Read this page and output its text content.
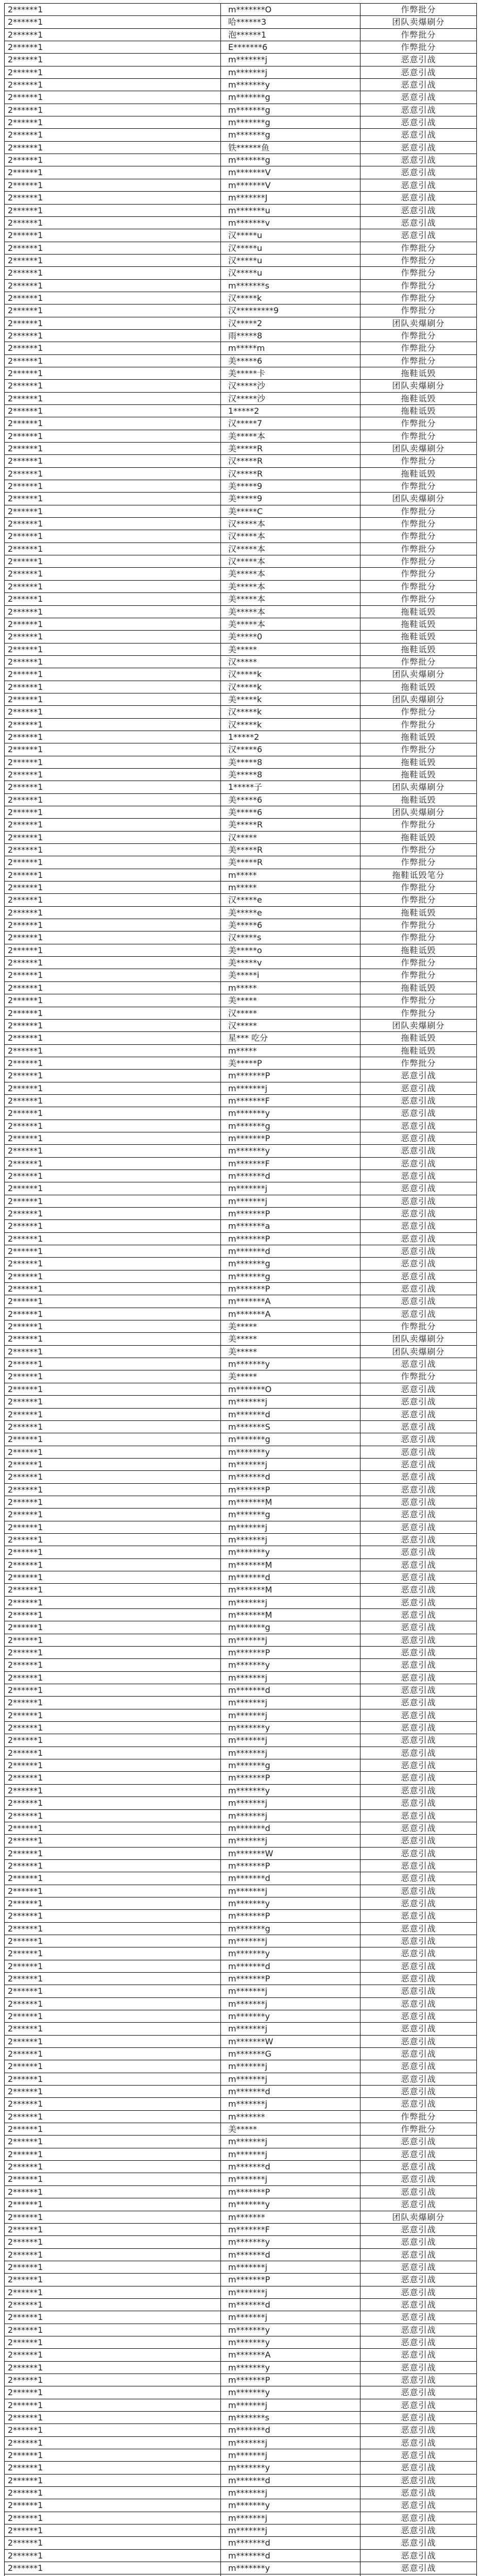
2******1	m*******O	作弊批分
2******1	哈******3	团队卖爆刷分
2******1	泡******1	作弊批分
2******1	E*******6	作弊批分
2******1	m*******j	恶意引战
2******1	m*******j	恶意引战
2******1	m*******y	恶意引战
2******1	m*******g	恶意引战
2******1	m*******g	恶意引战
2******1	m*******g	恶意引战
2******1	m*******g	恶意引战
2******1	铁******鱼	恶意引战
2******1	m*******g	恶意引战
2******1	m*******V	恶意引战
2******1	m*******V	恶意引战
2******1	m*******J	恶意引战
2******1	m*******u	恶意引战
2******1	m*******v	恶意引战
2******1	汉*****u	恶意引战
2******1	汉*****u	作弊批分
2******1	汉*****u	作弊批分
2******1	汉*****u	作弊批分
2******1	m*******s	作弊批分
2******1	汉*****k	作弊批分
2******1	汉*********9	作弊批分
2******1	汉*****2	团队卖爆刷分
2******1	雨*****8	作弊批分
2******1	m*****m	作弊批分
2******1	美*****6	作弊批分
2******1	美*****卡	拖鞋诋毁
2******1	汉*****沙	团队卖爆刷分
2******1	汉*****沙	拖鞋诋毁
2******1	1*****2	拖鞋诋毁
2******1	汉*****7	作弊批分
2******1	美*****本	作弊批分
2******1	美*****R	团队卖爆刷分
2******1	汉*****R	作弊批分
2******1	汉*****R	拖鞋诋毁
2******1	美*****9	作弊批分
2******1	美*****9	团队卖爆刷分
2******1	美*****C	作弊批分
2******1	汉*****本	作弊批分
2******1	汉*****本	作弊批分
2******1	汉*****本	作弊批分
2******1	汉*****本	作弊批分
2******1	美*****本	作弊批分
2******1	美*****本	作弊批分
2******1	美*****本	作弊批分
2******1	美*****本	拖鞋诋毁
2******1	美*****本	拖鞋诋毁
2******1	美*****0	拖鞋诋毁
2******1	美*****	拖鞋诋毁
2******1	汉*****	作弊批分
2******1	汉*****k	团队卖爆刷分
2******1	汉*****k	拖鞋诋毁
2******1	美*****k	团队卖爆刷分
2******1	汉*****k	作弊批分
2******1	汉*****k	作弊批分
2******1	1*****2	拖鞋诋毁
2******1	汉*****6	作弊批分
2******1	美*****8	拖鞋诋毁
2******1	美*****8	拖鞋诋毁
2******1	1*****子	团队卖爆刷分
2******1	美*****6	拖鞋诋毁
2******1	美*****6	团队卖爆刷分
2******1	美*****R	作弊批分
2******1	汉*****	拖鞋诋毁
2******1	美*****R	作弊批分
2******1	美*****R	作弊批分
2******1	m*****	拖鞋诋毁笔分
2******1	m*****	作弊批分
2******1	汉*****e	作弊批分
2******1	美*****e	拖鞋诋毁
2******1	美*****6	作弊批分
2******1	汉*****s	作弊批分
2******1	美*****o	拖鞋诋毁
2******1	美*****v	作弊批分
2******1	美*****i	作弊批分
2******1	m*****	拖鞋诋毁
2******1	美*****	作弊批分
2******1	汉*****	作弊批分
2******1	汉*****	团队卖爆刷分
2******1	星*** 吃分	拖鞋诋毁
2******1	m*****	拖鞋诋毁
2******1	美*****P	作弊批分
2******1	m*******P	恶意引战
2******1	m*******j	恶意引战
2******1	m*******F	恶意引战
2******1	m*******y	恶意引战
2******1	m*******g	恶意引战
2******1	m*******P	恶意引战
2******1	m*******y	恶意引战
2******1	m*******F	恶意引战
2******1	m*******d	恶意引战
2******1	m*******j	恶意引战
2******1	m*******j	恶意引战
2******1	m*******P	恶意引战
2******1	m*******a	恶意引战
2******1	m*******P	恶意引战
2******1	m*******d	恶意引战
2******1	m*******g	恶意引战
2******1	m*******g	恶意引战
2******1	m*******P	恶意引战
2******1	m*******A	恶意引战
2******1	m*******A	恶意引战
2******1	美*****	作弊批分
2******1	美*****	团队卖爆刷分
2******1	美*****	团队卖爆刷分
2******1	m*******y	恶意引战
2******1	美*****	作弊批分
2******1	m*******O	恶意引战
2******1	m*******j	恶意引战
2******1	m*******d	恶意引战
2******1	m*******S	恶意引战
2******1	m*******g	恶意引战
2******1	m*******y	恶意引战
2******1	m*******j	恶意引战
2******1	m*******d	恶意引战
2******1	m*******P	恶意引战
2******1	m*******M	恶意引战
2******1	m*******g	恶意引战
2******1	m*******j	恶意引战
2******1	m*******j	恶意引战
2******1	m*******y	恶意引战
2******1	m*******M	恶意引战
2******1	m*******d	恶意引战
2******1	m*******M	恶意引战
2******1	m*******j	恶意引战
2******1	m*******M	恶意引战
2******1	m*******g	恶意引战
2******1	m*******j	恶意引战
2******1	m*******P	恶意引战
2******1	m*******y	恶意引战
2******1	m*******j	恶意引战
2******1	m*******d	恶意引战
2******1	m*******j	恶意引战
2******1	m*******j	恶意引战
2******1	m*******y	恶意引战
2******1	m*******j	恶意引战
2******1	m*******j	恶意引战
2******1	m*******g	恶意引战
2******1	m*******P	恶意引战
2******1	m*******y	恶意引战
2******1	m*******j	恶意引战
2******1	m*******j	恶意引战
2******1	m*******d	恶意引战
2******1	m*******j	恶意引战
2******1	m*******W	恶意引战
2******1	m*******P	恶意引战
2******1	m*******d	恶意引战
2******1	m*******j	恶意引战
2******1	m*******y	恶意引战
2******1	m*******P	恶意引战
2******1	m*******g	恶意引战
2******1	m*******j	恶意引战
2******1	m*******y	恶意引战
2******1	m*******d	恶意引战
2******1	m*******P	恶意引战
2******1	m*******j	恶意引战
2******1	m*******j	恶意引战
2******1	m*******y	恶意引战
2******1	m*******j	恶意引战
2******1	m*******W	恶意引战
2******1	m*******G	恶意引战
2******1	m*******j	恶意引战
2******1	m*******j	恶意引战
2******1	m*******d	恶意引战
2******1	m*******j	恶意引战
2******1	m*******	作弊批分
2******1	美*****	作弊批分
2******1	m*******j	恶意引战
2******1	m*******j	恶意引战
2******1	m*******d	恶意引战
2******1	m*******j	恶意引战
2******1	m*******P	恶意引战
2******1	m*******y	恶意引战
2******1	m*******	团队卖爆刷分
2******1	m*******F	恶意引战
2******1	m*******y	恶意引战
2******1	m*******d	恶意引战
2******1	m*******j	恶意引战
2******1	m*******P	恶意引战
2******1	m*******j	恶意引战
2******1	m*******d	恶意引战
2******1	m*******j	恶意引战
2******1	m*******y	恶意引战
2******1	m*******y	恶意引战
2******1	m*******A	恶意引战
2******1	m*******y	恶意引战
2******1	m*******P	恶意引战
2******1	m*******y	恶意引战
2******1	m*******j	恶意引战
2******1	m*******s	恶意引战
2******1	m*******d	恶意引战
2******1	m*******j	恶意引战
2******1	m*******j	恶意引战
2******1	m*******y	恶意引战
2******1	m*******d	恶意引战
2******1	m*******j	恶意引战
2******1	m*******y	恶意引战
2******1	m*******j	恶意引战
2******1	m*******j	恶意引战
2******1	m*******d	恶意引战
2******1	m*******d	恶意引战
2******1	m*******y	恶意引战
